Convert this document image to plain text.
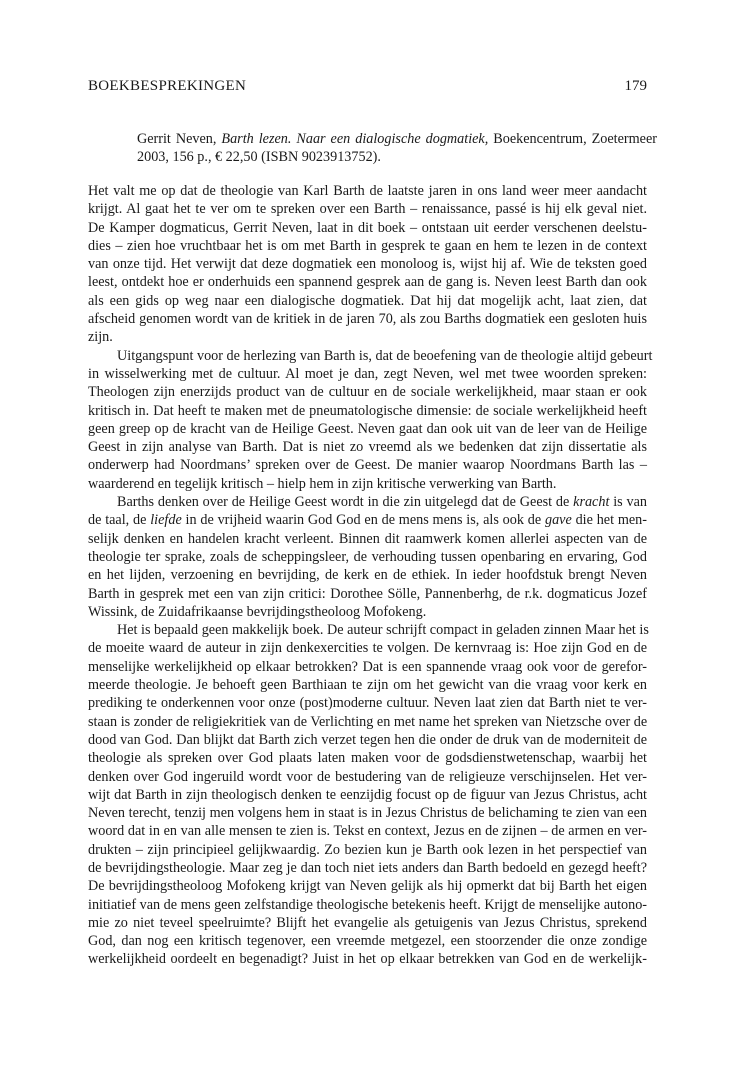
BOEKBESPREKINGEN	179
Gerrit Neven, Barth lezen. Naar een dialogische dogmatiek, Boekencentrum, Zoetermeer
2003, 156 p., € 22,50 (ISBN 9023913752).
Het valt me op dat de theologie van Karl Barth de laatste jaren in ons land weer meer aandacht
krijgt. Al gaat het te ver om te spreken over een Barth – renaissance, passé is hij elk geval niet.
De Kamper dogmaticus, Gerrit Neven, laat in dit boek – ontstaan uit eerder verschenen deelstu-
dies – zien hoe vruchtbaar het is om met Barth in gesprek te gaan en hem te lezen in de context
van onze tijd. Het verwijt dat deze dogmatiek een monoloog is, wijst hij af. Wie de teksten goed
leest, ontdekt hoe er onderhuids een spannend gesprek aan de gang is. Neven leest Barth dan ook
als een gids op weg naar een dialogische dogmatiek. Dat hij dat mogelijk acht, laat zien, dat
afscheid genomen wordt van de kritiek in de jaren 70, als zou Barths dogmatiek een gesloten huis
zijn.
Uitgangspunt voor de herlezing van Barth is, dat de beoefening van de theologie altijd gebeurt
in wisselwerking met de cultuur. Al moet je dan, zegt Neven, wel met twee woorden spreken:
Theologen zijn enerzijds product van de cultuur en de sociale werkelijkheid, maar staan er ook
kritisch in. Dat heeft te maken met de pneumatologische dimensie: de sociale werkelijkheid heeft
geen greep op de kracht van de Heilige Geest. Neven gaat dan ook uit van de leer van de Heilige
Geest in zijn analyse van Barth. Dat is niet zo vreemd als we bedenken dat zijn dissertatie als
onderwerp had Noordmans’ spreken over de Geest. De manier waarop Noordmans Barth las –
waarderend en tegelijk kritisch – hielp hem in zijn kritische verwerking van Barth.
Barths denken over de Heilige Geest wordt in die zin uitgelegd dat de Geest de kracht is van
de taal, de liefde in de vrijheid waarin God God en de mens mens is, als ook de gave die het men-
selijk denken en handelen kracht verleent. Binnen dit raamwerk komen allerlei aspecten van de
theologie ter sprake, zoals de scheppingsleer, de verhouding tussen openbaring en ervaring, God
en het lijden, verzoening en bevrijding, de kerk en de ethiek. In ieder hoofdstuk brengt Neven
Barth in gesprek met een van zijn critici: Dorothee Sölle, Pannenberhg, de r.k. dogmaticus Jozef
Wissink, de Zuidafrikaanse bevrijdingstheoloog Mofokeng.
Het is bepaald geen makkelijk boek. De auteur schrijft compact in geladen zinnen Maar het is
de moeite waard de auteur in zijn denkexercities te volgen. De kernvraag is: Hoe zijn God en de
menselijke werkelijkheid op elkaar betrokken? Dat is een spannende vraag ook voor de gerefor-
meerde theologie. Je behoeft geen Barthiaan te zijn om het gewicht van die vraag voor kerk en
prediking te onderkennen voor onze (post)moderne cultuur. Neven laat zien dat Barth niet te ver-
staan is zonder de religiekritiek van de Verlichting en met name het spreken van Nietzsche over de
dood van God. Dan blijkt dat Barth zich verzet tegen hen die onder de druk van de moderniteit de
theologie als spreken over God plaats laten maken voor de godsdienstwetenschap, waarbij het
denken over God ingeruild wordt voor de bestudering van de religieuze verschijnselen. Het ver-
wijt dat Barth in zijn theologisch denken te eenzijdig focust op de figuur van Jezus Christus, acht
Neven terecht, tenzij men volgens hem in staat is in Jezus Christus de belichaming te zien van een
woord dat in en van alle mensen te zien is. Tekst en context, Jezus en de zijnen – de armen en ver-
drukten – zijn principieel gelijkwaardig. Zo bezien kun je Barth ook lezen in het perspectief van
de bevrijdingstheologie. Maar zeg je dan toch niet iets anders dan Barth bedoeld en gezegd heeft?
De bevrijdingstheoloog Mofokeng krijgt van Neven gelijk als hij opmerkt dat bij Barth het eigen
initiatief van de mens geen zelfstandige theologische betekenis heeft. Krijgt de menselijke autono-
mie zo niet teveel speelruimte? Blijft het evangelie als getuigenis van Jezus Christus, sprekend
God, dan nog een kritisch tegenover, een vreemde metgezel, een stoorzender die onze zondige
werkelijkheid oordeelt en begenadigt? Juist in het op elkaar betrekken van God en de werkelijk-
